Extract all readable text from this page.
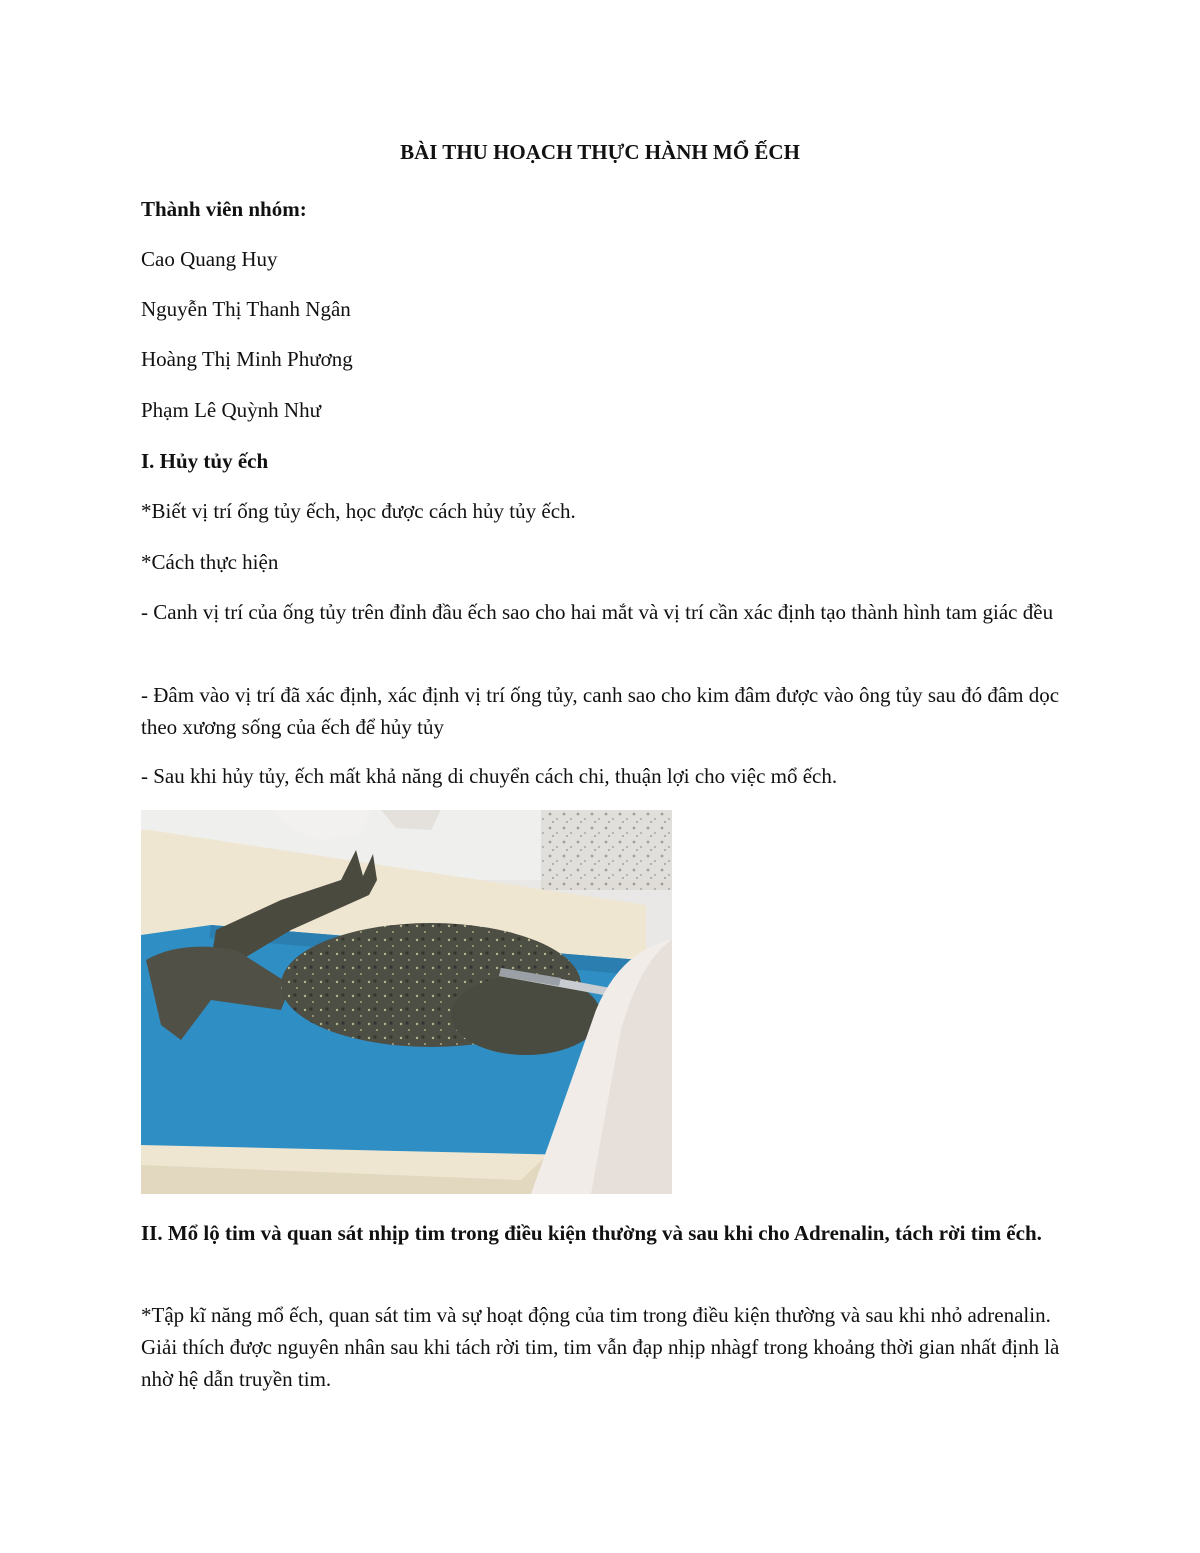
BÀI THU HOẠCH THỰC HÀNH MỔ ẾCH

Thành viên nhóm:

Cao Quang Huy

Nguyễn Thị Thanh Ngân

Hoàng Thị Minh Phương

Phạm Lê Quỳnh Như

I. Hủy tủy ếch

*Biết vị trí ống tủy ếch, học được cách hủy tủy ếch.

*Cách thực hiện

- Canh vị trí của ống tủy trên đỉnh đầu ếch sao cho hai mắt và vị trí cần xác định tạo thành hình tam giác đều

- Đâm vào vị trí đã xác định, xác định vị trí ống tủy, canh sao cho kim đâm được vào ông tủy sau đó đâm dọc theo xương sống của ếch để hủy tủy

- Sau khi hủy tủy, ếch mất khả năng di chuyển cách chi, thuận lợi cho việc mổ ếch.

II. Mổ lộ tim và quan sát nhịp tim trong điều kiện thường và sau khi cho Adrenalin, tách rời tim ếch.

*Tập kĩ năng mổ ếch, quan sát tim và sự hoạt động của tim trong điều kiện thường và sau khi nhỏ adrenalin. Giải thích được nguyên nhân sau khi tách rời tim, tim vẫn đạp nhịp nhàgf trong khoảng thời gian nhất định là nhờ hệ dẫn truyền tim.
